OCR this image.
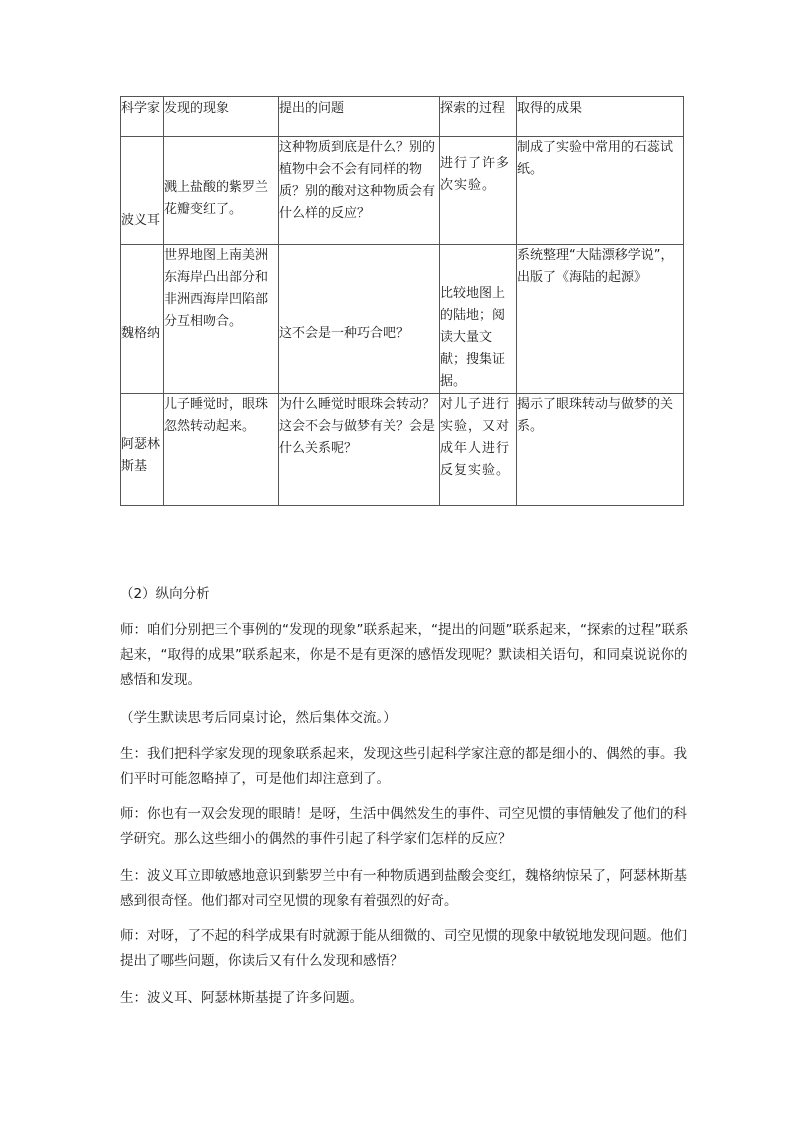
科学家	发现的现象	提出的问题	探索的过程	取得的成果
波义耳	溅上盐酸的紫罗兰花瓣变红了。	这种物质到底是什么？别的植物中会不会有同样的物质？别的酸对这种物质会有什么样的反应？	进行了许多次实验。	制成了实验中常用的石蕊试纸。
魏格纳	世界地图上南美洲东海岸凸出部分和非洲西海岸凹陷部分互相吻合。	这不会是一种巧合吧？	比较地图上的陆地；阅读大量文献；搜集证据。	系统整理“大陆漂移学说”，出版了《海陆的起源》
阿瑟林斯基	儿子睡觉时，眼珠忽然转动起来。	为什么睡觉时眼珠会转动？这会不会与做梦有关？会是什么关系呢？	对儿子进行实验，又对成年人进行反复实验。	揭示了眼珠转动与做梦的关系。

（2）纵向分析

师：咱们分别把三个事例的“发现的现象”联系起来，“提出的问题”联系起来，“探索的过程”联系起来，“取得的成果”联系起来，你是不是有更深的感悟发现呢？默读相关语句，和同桌说说你的感悟和发现。

（学生默读思考后同桌讨论，然后集体交流。）

生：我们把科学家发现的现象联系起来，发现这些引起科学家注意的都是细小的、偶然的事。我们平时可能忽略掉了，可是他们却注意到了。

师：你也有一双会发现的眼睛！是呀，生活中偶然发生的事件、司空见惯的事情触发了他们的科学研究。那么这些细小的偶然的事件引起了科学家们怎样的反应？

生：波义耳立即敏感地意识到紫罗兰中有一种物质遇到盐酸会变红，魏格纳惊呆了，阿瑟林斯基感到很奇怪。他们都对司空见惯的现象有着强烈的好奇。

师：对呀，了不起的科学成果有时就源于能从细微的、司空见惯的现象中敏锐地发现问题。他们提出了哪些问题，你读后又有什么发现和感悟？

生：波义耳、阿瑟林斯基提了许多问题。
